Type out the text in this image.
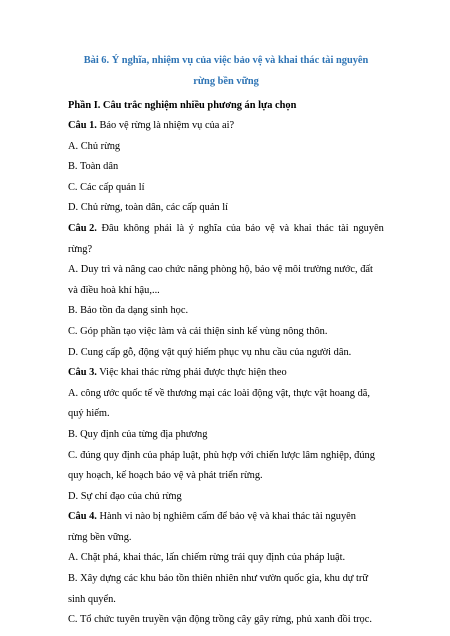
Bài 6. Ý nghĩa, nhiệm vụ của việc bảo vệ và khai thác tài nguyên
rừng bền vững

Phần I. Câu trắc nghiệm nhiều phương án lựa chọn

Câu 1. Bảo vệ rừng là nhiệm vụ của ai?

A. Chủ rừng

B. Toàn dân

C. Các cấp quản lí

D. Chủ rừng, toàn dân, các cấp quản lí

Câu 2. Đâu không phải là ý nghĩa của bảo vệ và khai thác tài nguyên

rừng?

A. Duy trì và nâng cao chức năng phòng hộ, bảo vệ môi trường nước, đất

và điều hoà khí hậu,...

B. Bảo tồn đa dạng sinh học.

C. Góp phần tạo việc làm và cải thiện sinh kế vùng nông thôn.

D. Cung cấp gỗ, động vật quý hiếm phục vụ nhu cầu của người dân.

Câu 3. Việc khai thác rừng phải được thực hiện theo

A. công ước quốc tế về thương mại các loài động vật, thực vật hoang dã,

quý hiếm.

B. Quy định của từng địa phương

C. đúng quy định của pháp luật, phù hợp với chiến lược lâm nghiệp, đúng

quy hoạch, kế hoạch bảo vệ và phát triển rừng.

D. Sự chỉ đạo của chủ rừng

Câu 4. Hành vi nào bị nghiêm cấm để bảo vệ và khai thác tài nguyên

rừng bền vững.

A. Chặt phá, khai thác, lấn chiếm rừng trái quy định của pháp luật.

B. Xây dựng các khu bảo tồn thiên nhiên như vườn quốc gia, khu dự trữ

sinh quyển.

C. Tổ chức tuyên truyền vận động trồng cây gây rừng, phủ xanh đồi trọc.
